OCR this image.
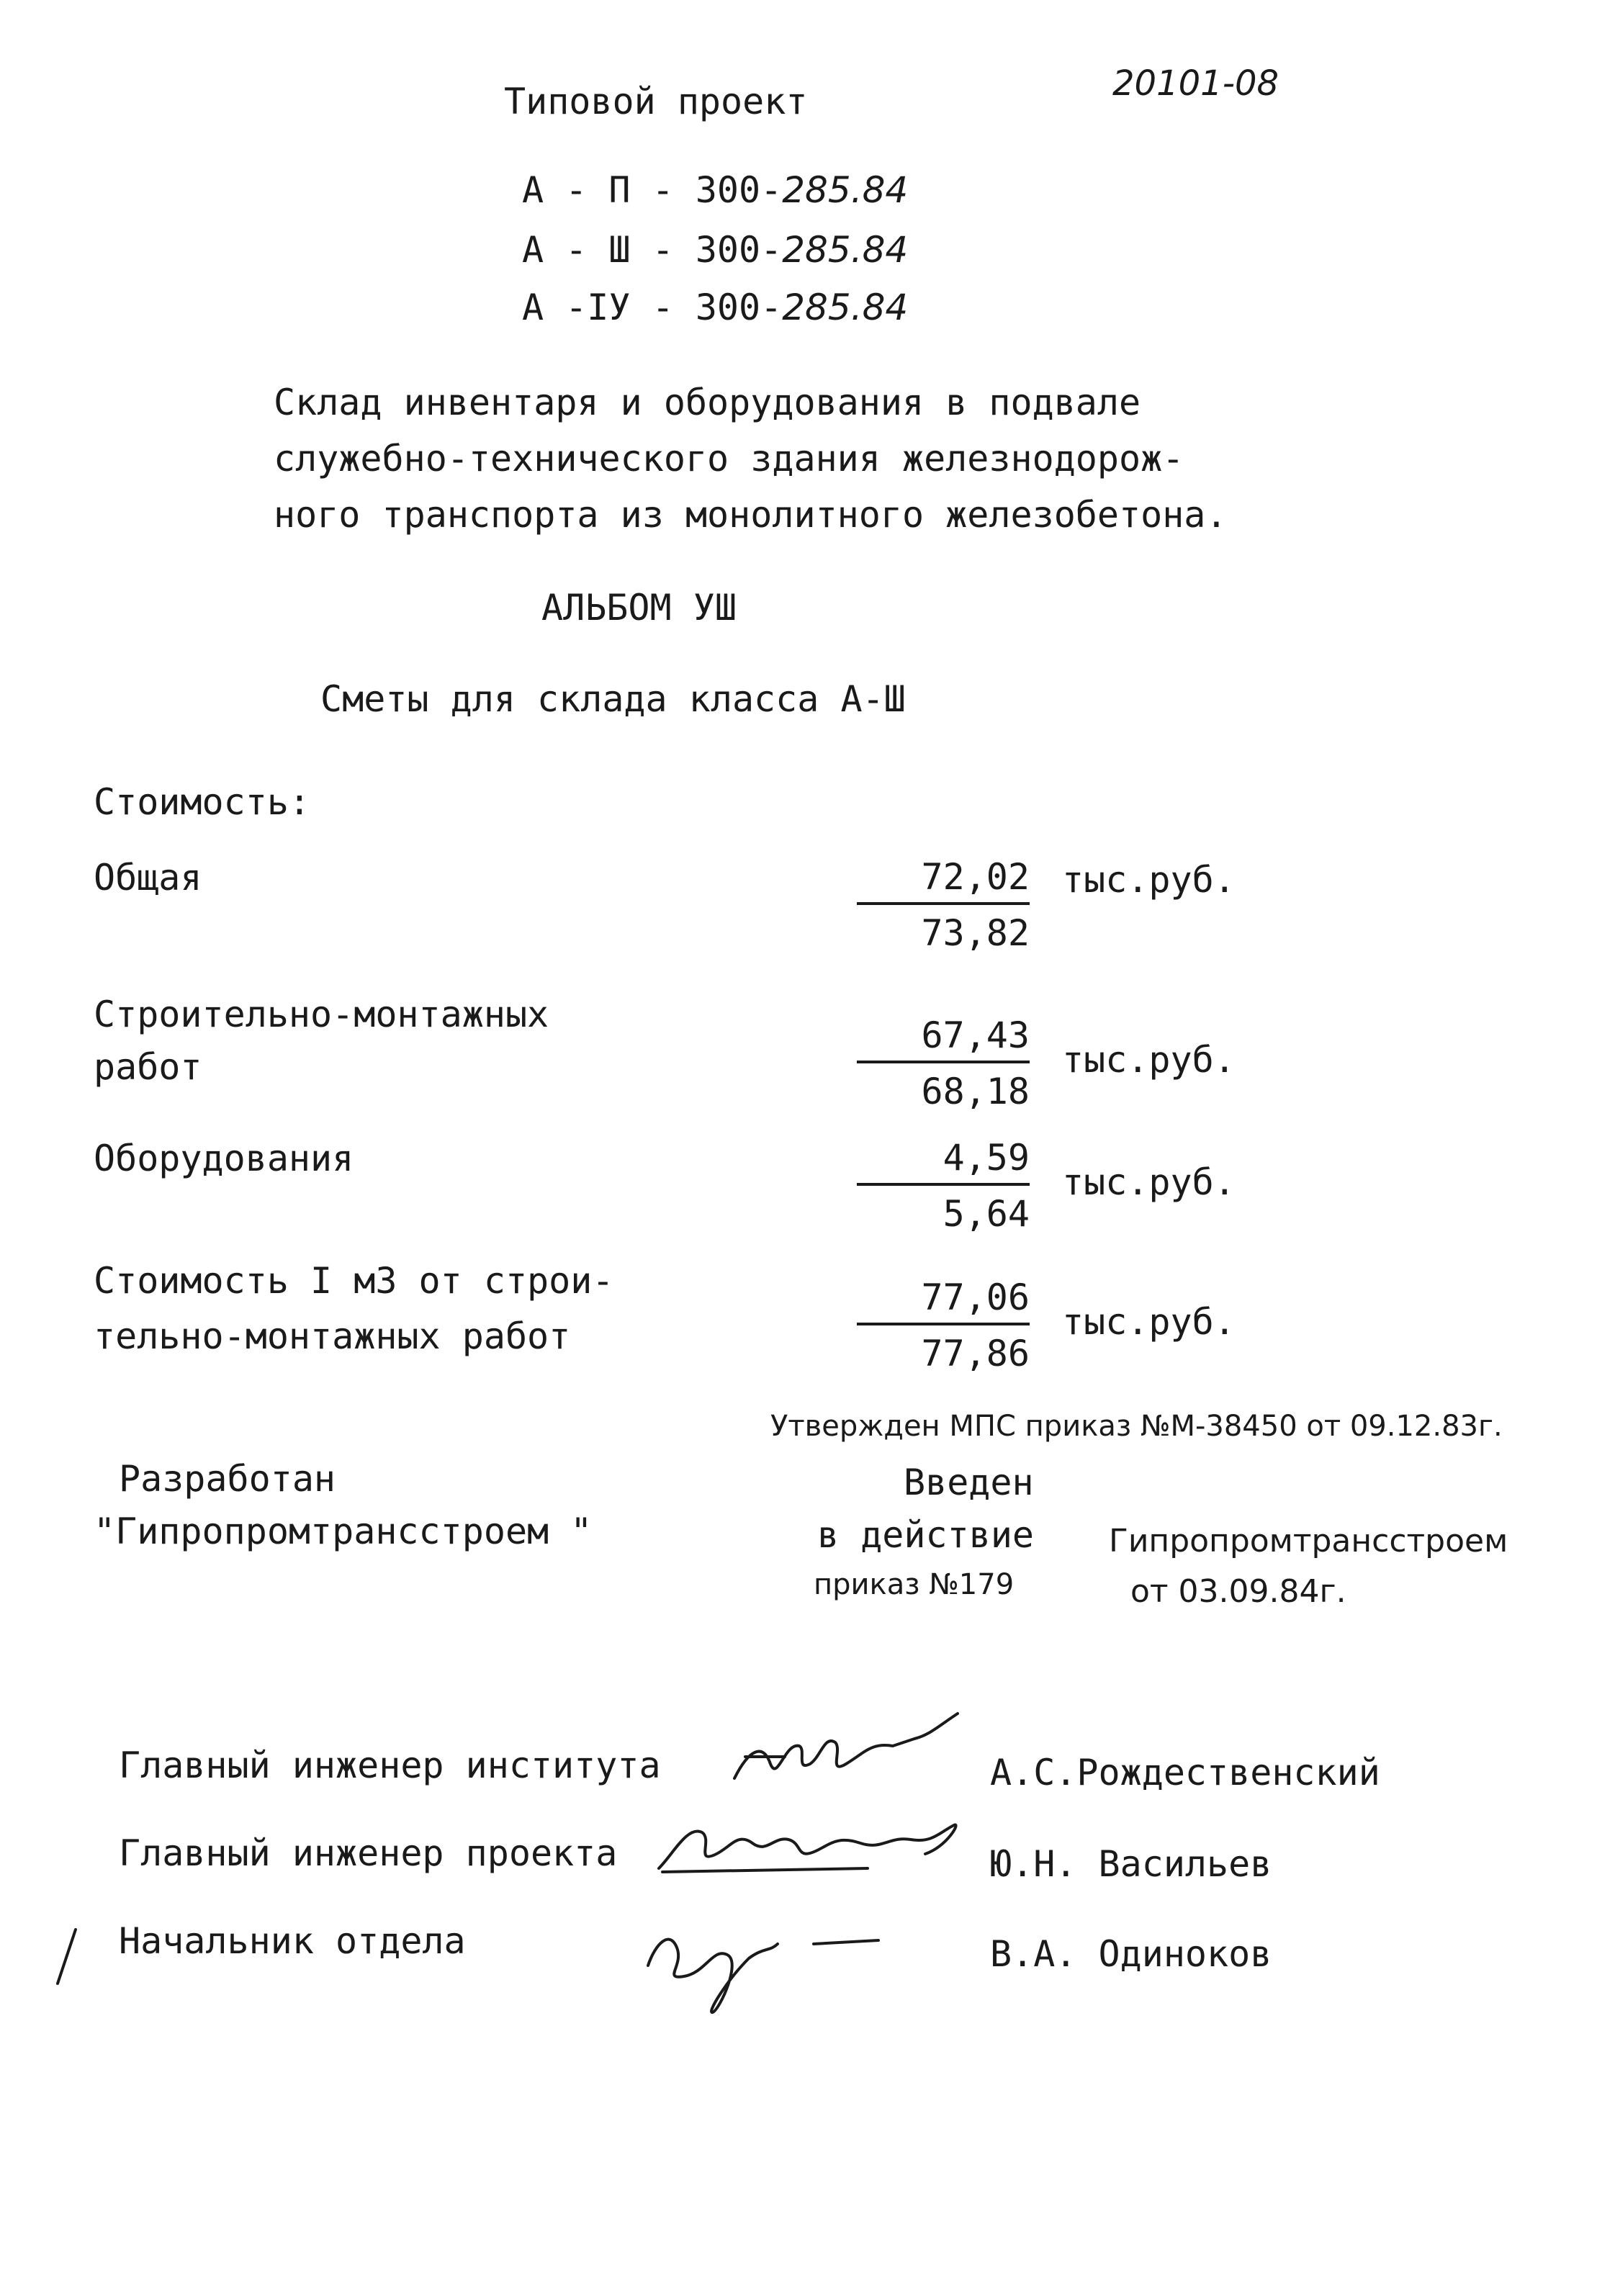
Типовой проект	20101-08
А - П - 300-285.84
А - Ш - 300-285.84
А -IУ - 300-285.84
Склад инвентаря и оборудования в подвале
служебно-технического здания железнодорож-
ного транспорта из монолитного железобетона.
АЛЬБОМ УШ
Сметы для склада класса А-Ш
Стоимость:
Общая	$\frac{72,02}{73,82} тыс.руб$.
Строительно-монтажных
работ	$\frac{67,43}{68,18} тыс.руб$.
Оборудования	$\frac{4,59}{5,64} тыс.руб$.
Стоимость I м3 от строи-
тельно-монтажных работ	$\frac{77,06}{77,86} тыс.руб$.
Утвержден МПС приказ №М-38450 от 09.12.83г.
Разработан
"Гипропромтрансстроем "
Введен
в действие
приказ №179
Гипропромтрансстроем
от 03.09.84г.
Главный инженер института	А.С.Рождественский
Главный инженер проекта	Ю.Н. Васильев
Начальник отдела	В.А. Одиноков
